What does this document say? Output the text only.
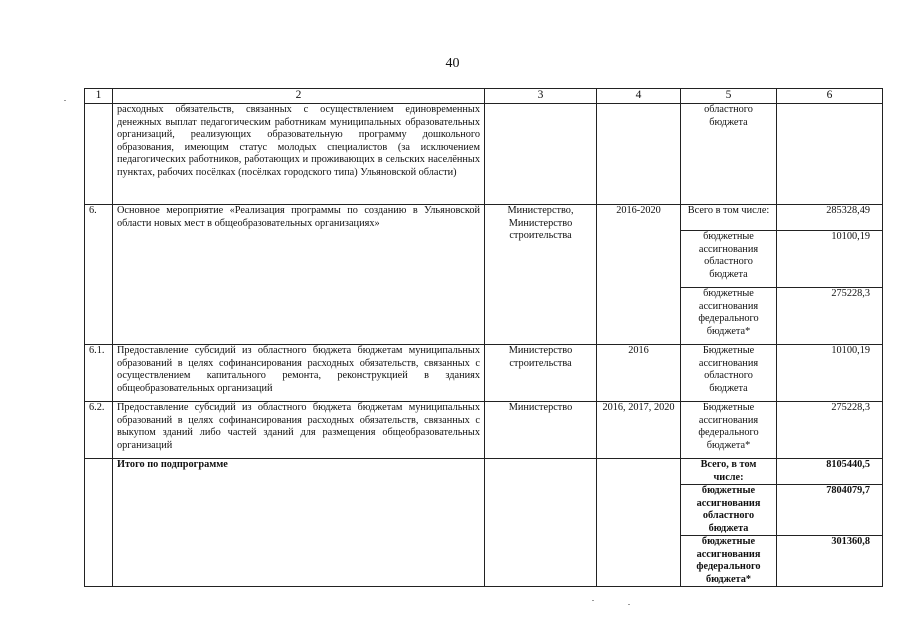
40
1	2	3	4	5	6
	расходных обязательств, связанных с осуществлением единовременных денежных выплат педагогическим работникам муниципальных образовательных организаций, реализующих образовательную программу дошкольного образования, имеющим статус молодых специалистов (за исключением педагогических работников, работающих и проживающих в сельских населённых пунктах, рабочих посёлках (посёлках городского типа) Ульяновской области)			областного бюджета	
6.	Основное мероприятие «Реализация программы по созданию в Ульяновской области новых мест в общеобразовательных организациях»	Министерство, Министерство строительства	2016-2020	Всего в том числе:	285328,49
				бюджетные ассигнования областного бюджета	10100,19
				бюджетные ассигнования федерального бюджета*	275228,3
6.1.	Предоставление субсидий из областного бюджета бюджетам муниципальных образований в целях софинансирования расходных обязательств, связанных с осуществлением капитального ремонта, реконструкцией в зданиях общеобразовательных организаций	Министерство строительства	2016	Бюджетные ассигнования областного бюджета	10100,19
6.2.	Предоставление субсидий из областного бюджета бюджетам муниципальных образований в целях софинансирования расходных обязательств, связанных с выкупом зданий либо частей зданий для размещения общеобразовательных организаций	Министерство	2016, 2017, 2020	Бюджетные ассигнования федерального бюджета*	275228,3
	Итого по подпрограмме			Всего, в том числе:	8105440,5
				бюджетные ассигнования областного бюджета	7804079,7
				бюджетные ассигнования федерального бюджета*	301360,8
